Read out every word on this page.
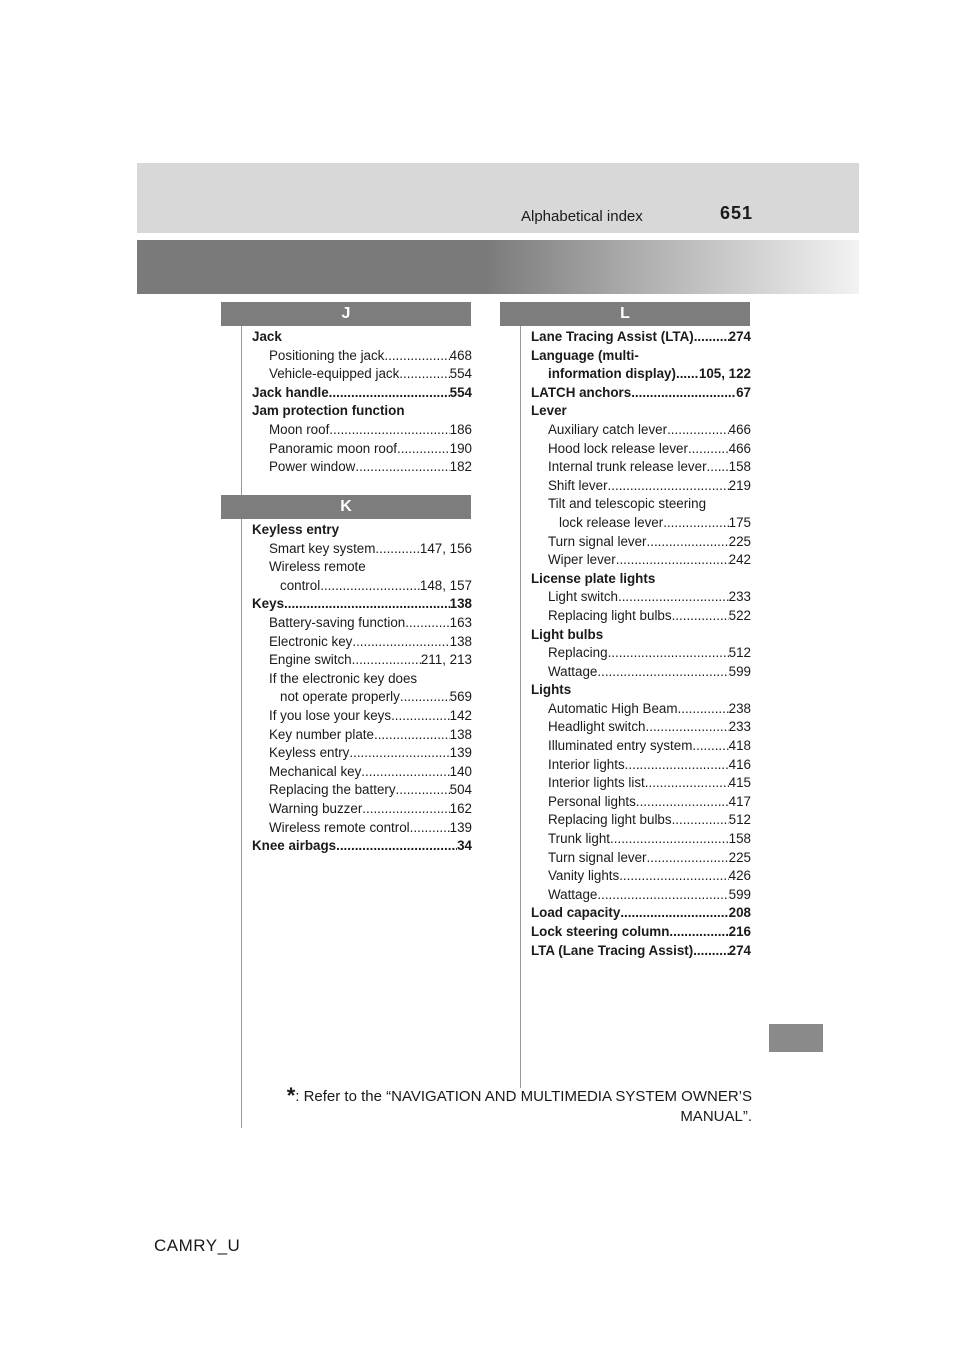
Alphabetical index	651
J
Jack
Positioning the jack .....	468
Vehicle-equipped jack .....	554
Jack handle .....	554
Jam protection function
Moon roof .....	186
Panoramic moon roof .....	190
Power window .....	182
K
Keyless entry
Smart key system .....	147, 156
Wireless remote
control .....	148, 157
Keys .....	138
Battery-saving function .....	163
Electronic key .....	138
Engine switch .....	211, 213
If the electronic key does
not operate properly .....	569
If you lose your keys .....	142
Key number plate .....	138
Keyless entry .....	139
Mechanical key .....	140
Replacing the battery .....	504
Warning buzzer .....	162
Wireless remote control .....	139
Knee airbags .....	34
L
Lane Tracing Assist (LTA) .....	274
Language (multi-
information display) ..... 105, 122
LATCH anchors .....	67
Lever
Auxiliary catch lever .....	466
Hood lock release lever .....	466
Internal trunk release lever ..... 158
Shift lever .....	219
Tilt and telescopic steering
lock release lever .....	175
Turn signal lever .....	225
Wiper lever .....	242
License plate lights
Light switch .....	233
Replacing light bulbs .....	522
Light bulbs
Replacing .....	512
Wattage .....	599
Lights
Automatic High Beam .....	238
Headlight switch .....	233
Illuminated entry system .....	418
Interior lights .....	416
Interior lights list .....	415
Personal lights .....	417
Replacing light bulbs .....	512
Trunk light .....	158
Turn signal lever .....	225
Vanity lights .....	426
Wattage .....	599
Load capacity .....	208
Lock steering column .....	216
LTA (Lane Tracing Assist) .....	274
*: Refer to the “NAVIGATION AND MULTIMEDIA SYSTEM OWNER’S
MANUAL”.
CAMRY_U
